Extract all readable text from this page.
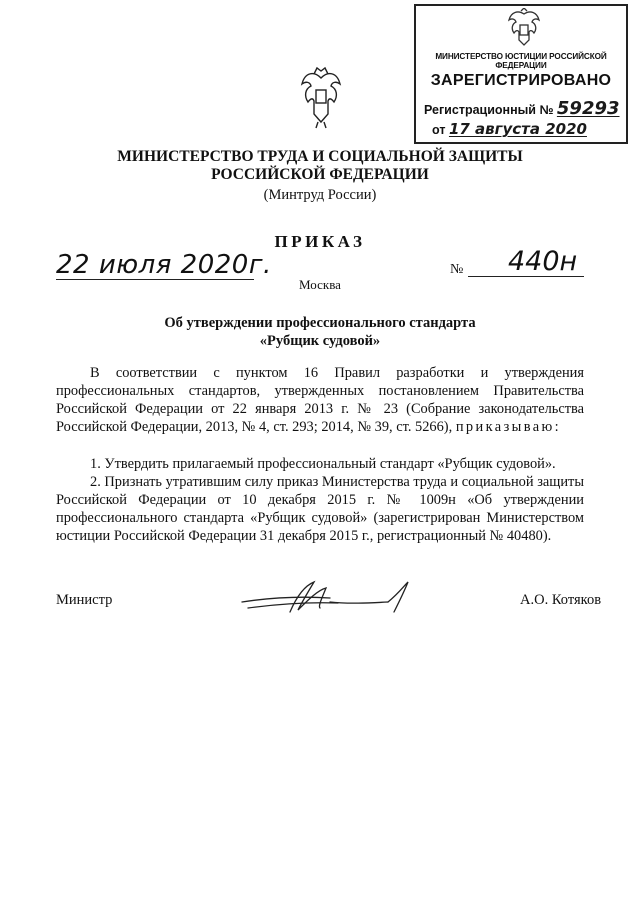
МИНИСТЕРСТВО ЮСТИЦИИ РОССИЙСКОЙ ФЕДЕРАЦИИ
ЗАРЕГИСТРИРОВАНО
Регистрационный № 59293
от 17 августа 2020
МИНИСТЕРСТВО ТРУДА И СОЦИАЛЬНОЙ ЗАЩИТЫ
РОССИЙСКОЙ ФЕДЕРАЦИИ
(Минтруд России)
ПРИКАЗ
22 июля 2020г.	№ 440н
Москва
Об утверждении профессионального стандарта
«Рубщик судовой»
В соответствии с пунктом 16 Правил разработки и утверждения профессиональных стандартов, утвержденных постановлением Правительства Российской Федерации от 22 января 2013 г. № 23 (Собрание законодательства Российской Федерации, 2013, № 4, ст. 293; 2014, № 39, ст. 5266), приказываю:
1. Утвердить прилагаемый профессиональный стандарт «Рубщик судовой».
2. Признать утратившим силу приказ Министерства труда и социальной защиты Российской Федерации от 10 декабря 2015 г. № 1009н «Об утверждении профессионального стандарта «Рубщик судовой» (зарегистрирован Министерством юстиции Российской Федерации 31 декабря 2015 г., регистрационный № 40480).
Министр	А.О. Котяков
